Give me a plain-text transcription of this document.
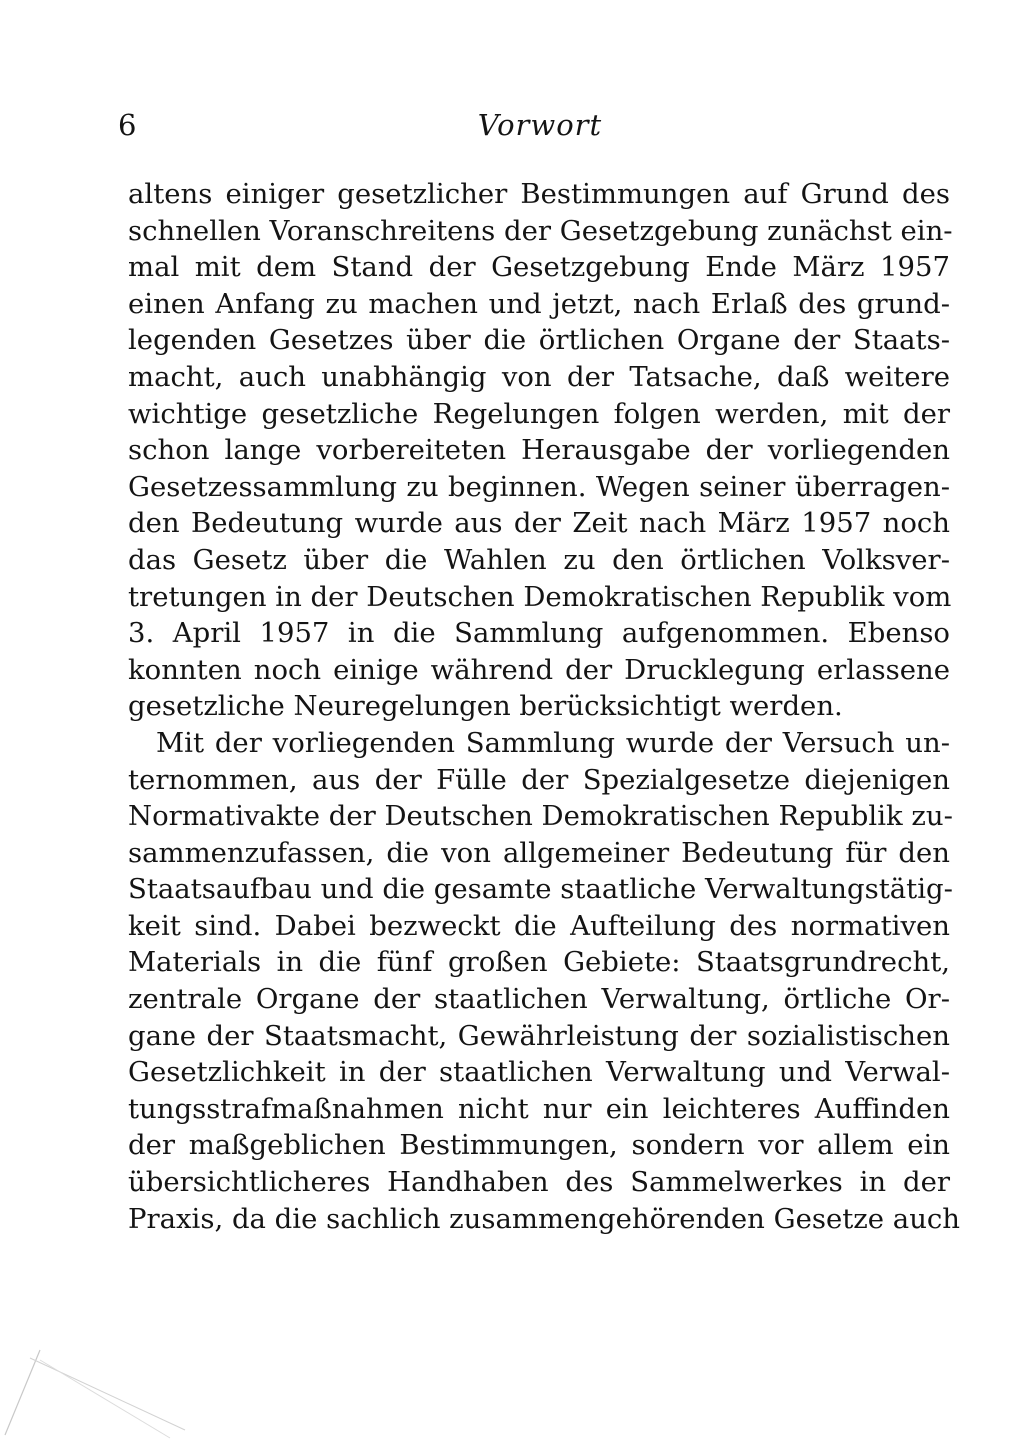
6	Vorwort
altens einiger gesetzlicher Bestimmungen auf Grund des
schnellen Voranschreitens der Gesetzgebung zunächst ein-
mal mit dem Stand der Gesetzgebung Ende März 1957
einen Anfang zu machen und jetzt, nach Erlaß des grund-
legenden Gesetzes über die örtlichen Organe der Staats-
macht, auch unabhängig von der Tatsache, daß weitere
wichtige gesetzliche Regelungen folgen werden, mit der
schon lange vorbereiteten Herausgabe der vorliegenden
Gesetzessammlung zu beginnen. Wegen seiner überragen-
den Bedeutung wurde aus der Zeit nach März 1957 noch
das Gesetz über die Wahlen zu den örtlichen Volksver-
tretungen in der Deutschen Demokratischen Republik vom
3. April 1957 in die Sammlung aufgenommen. Ebenso
konnten noch einige während der Drucklegung erlassene
gesetzliche Neuregelungen berücksichtigt werden.
Mit der vorliegenden Sammlung wurde der Versuch un-
ternommen, aus der Fülle der Spezialgesetze diejenigen
Normativakte der Deutschen Demokratischen Republik zu-
sammenzufassen, die von allgemeiner Bedeutung für den
Staatsaufbau und die gesamte staatliche Verwaltungstätig-
keit sind. Dabei bezweckt die Aufteilung des normativen
Materials in die fünf großen Gebiete: Staatsgrundrecht,
zentrale Organe der staatlichen Verwaltung, örtliche Or-
gane der Staatsmacht, Gewährleistung der sozialistischen
Gesetzlichkeit in der staatlichen Verwaltung und Verwal-
tungsstrafmaßnahmen nicht nur ein leichteres Auffinden
der maßgeblichen Bestimmungen, sondern vor allem ein
übersichtlicheres Handhaben des Sammelwerkes in der
Praxis, da die sachlich zusammengehörenden Gesetze auch
